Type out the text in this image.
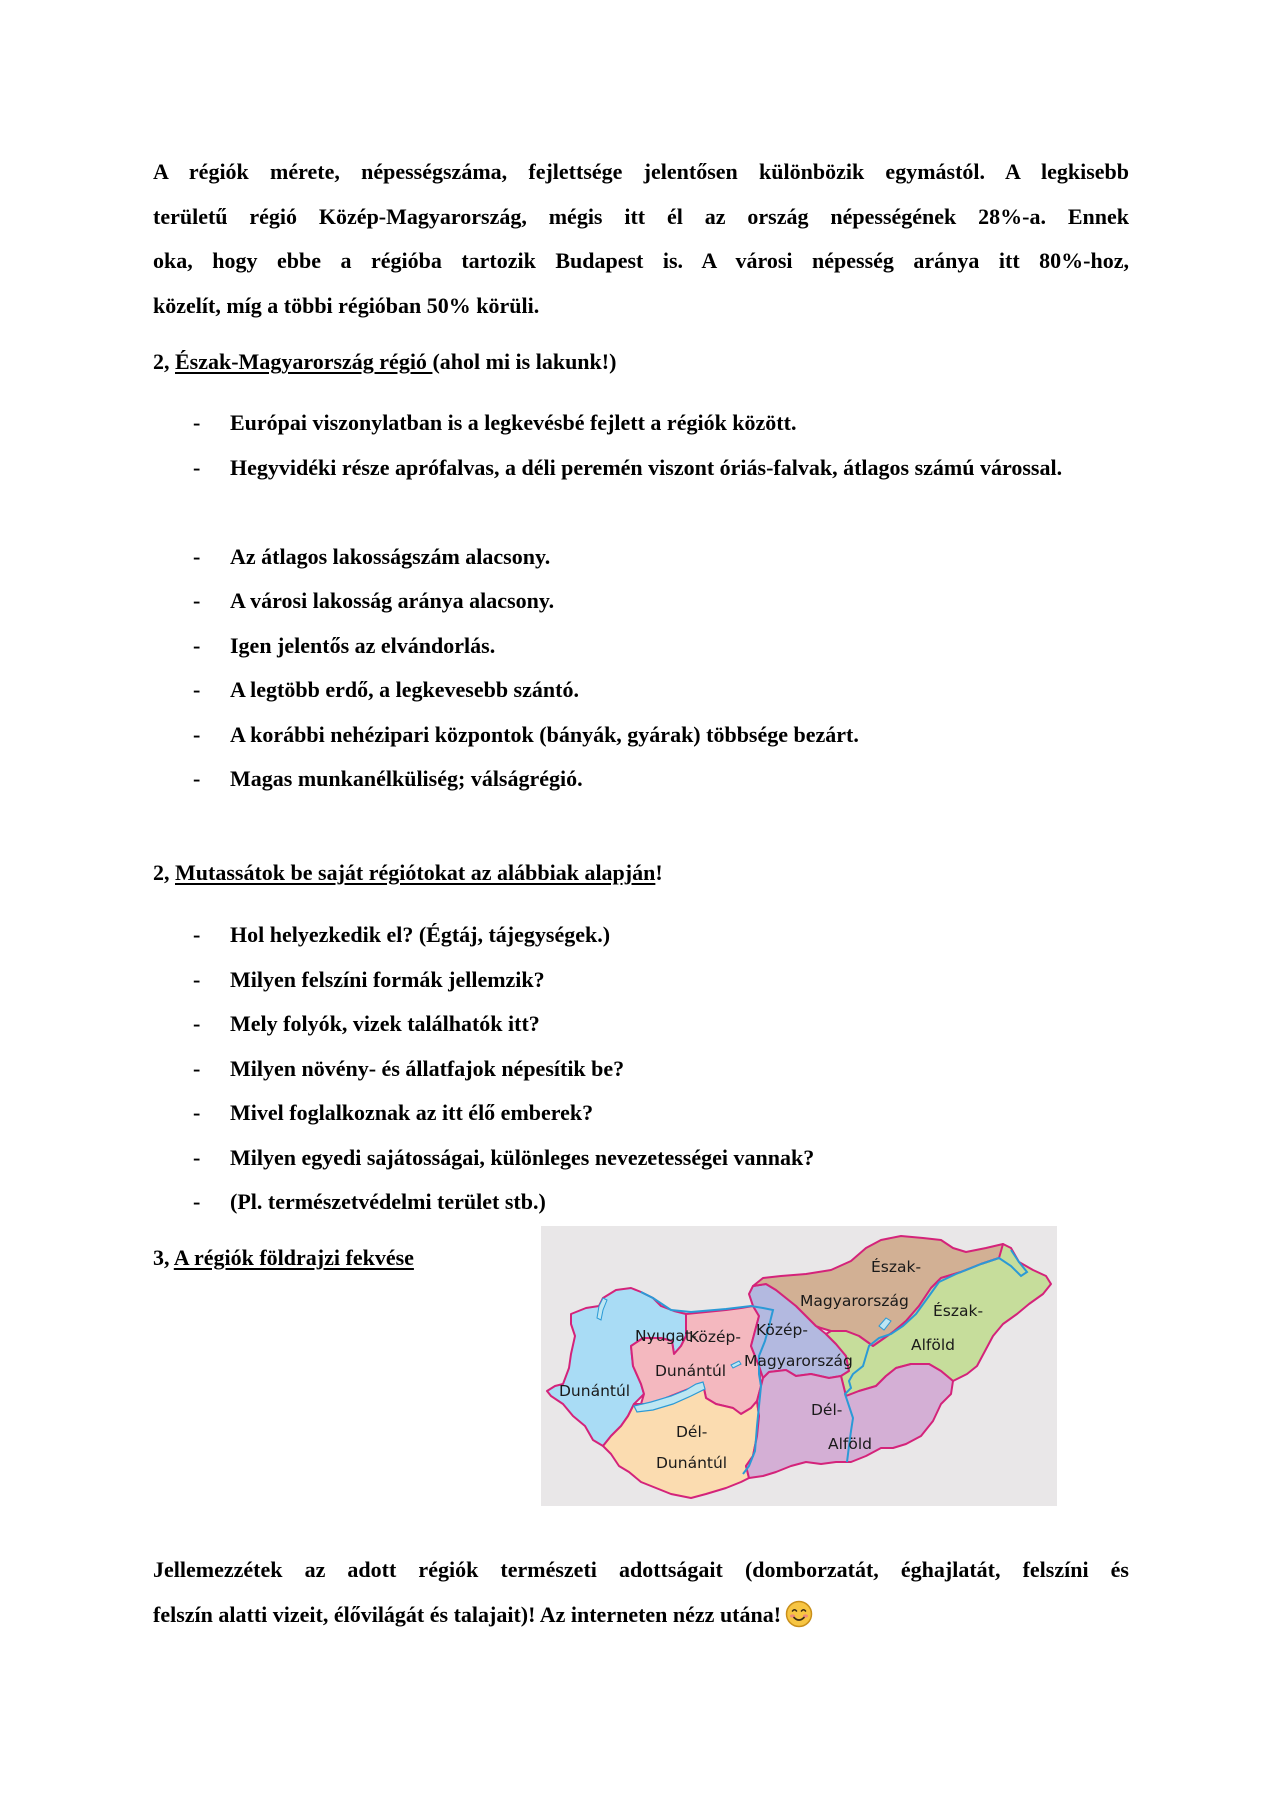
A régiók mérete, népességszáma, fejlettsége jelentősen különbözik egymástól. A legkisebb
területű régió Közép-Magyarország, mégis itt él az ország népességének 28%-a. Ennek
oka, hogy ebbe a régióba tartozik Budapest is. A városi népesség aránya itt 80%-hoz,
közelít, míg a többi régióban 50% körüli.
2, Észak-Magyarország régió (ahol mi is lakunk!)
- Európai viszonylatban is a legkevésbé fejlett a régiók között.
- Hegyvidéki része aprófalvas, a déli peremén viszont óriás-falvak, átlagos számú várossal.
- Az átlagos lakosságszám alacsony.
- A városi lakosság aránya alacsony.
- Igen jelentős az elvándorlás.
- A legtöbb erdő, a legkevesebb szántó.
- A korábbi nehézipari központok (bányák, gyárak) többsége bezárt.
- Magas munkanélküliség; válságrégió.
2, Mutassátok be saját régiótokat az alábbiak alapján!
- Hol helyezkedik el? (Égtáj, tájegységek.)
- Milyen felszíni formák jellemzik?
- Mely folyók, vizek találhatók itt?
- Milyen növény- és állatfajok népesítik be?
- Mivel foglalkoznak az itt élő emberek?
- Milyen egyedi sajátosságai, különleges nevezetességei vannak?
- (Pl. természetvédelmi terület stb.)
3, A régiók földrajzi fekvése
Nyugat-
Dunántúl
Közép-
Dunántúl
Dél-
Dunántúl
Közép-
Magyarország
Észak-
Magyarország
Észak-
Alföld
Dél-
Alföld
Jellemezzétek az adott régiók természeti adottságait (domborzatát, éghajlatát, felszíni és
felszín alatti vizeit, élővilágát és talajait)! Az interneten nézz utána!
